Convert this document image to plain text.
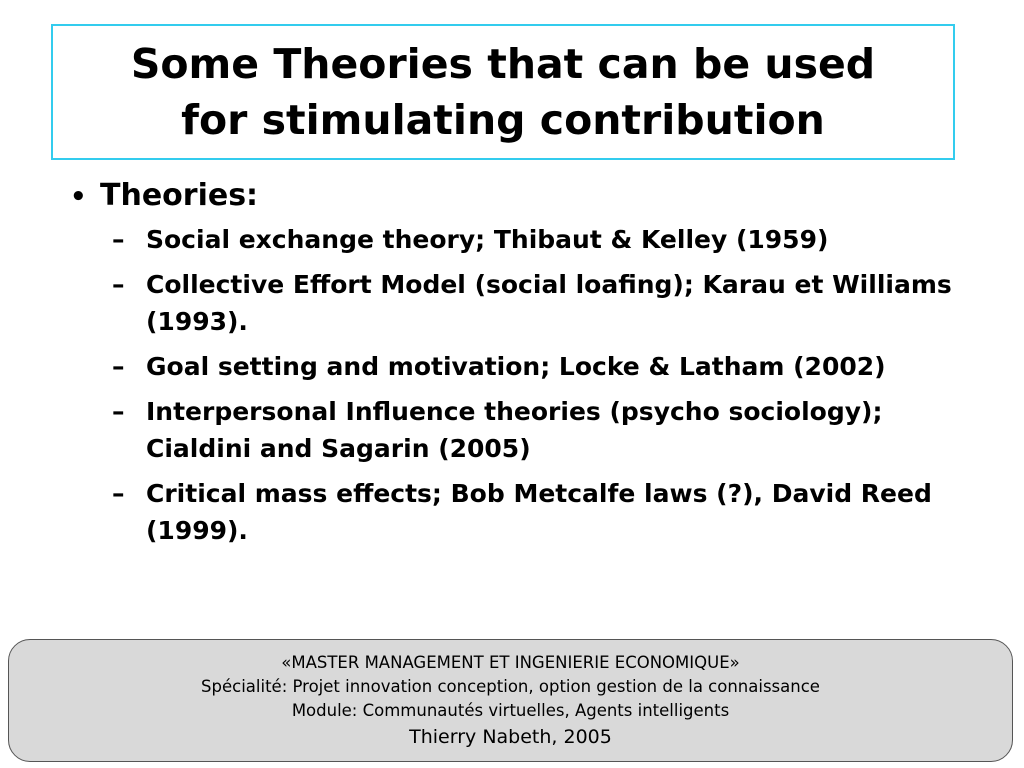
Some Theories that can be used
for stimulating contribution
• Theories:
– Social exchange theory; Thibaut & Kelley (1959)
– Collective Effort Model (social loafing); Karau et Williams (1993).
– Goal setting and motivation; Locke & Latham (2002)
– Interpersonal Influence theories (psycho sociology); Cialdini and Sagarin (2005)
– Critical mass effects; Bob Metcalfe laws (?), David Reed (1999).
«MASTER MANAGEMENT ET INGENIERIE ECONOMIQUE»
Spécialité: Projet innovation conception, option gestion de la connaissance
Module: Communautés virtuelles, Agents intelligents
Thierry Nabeth, 2005
